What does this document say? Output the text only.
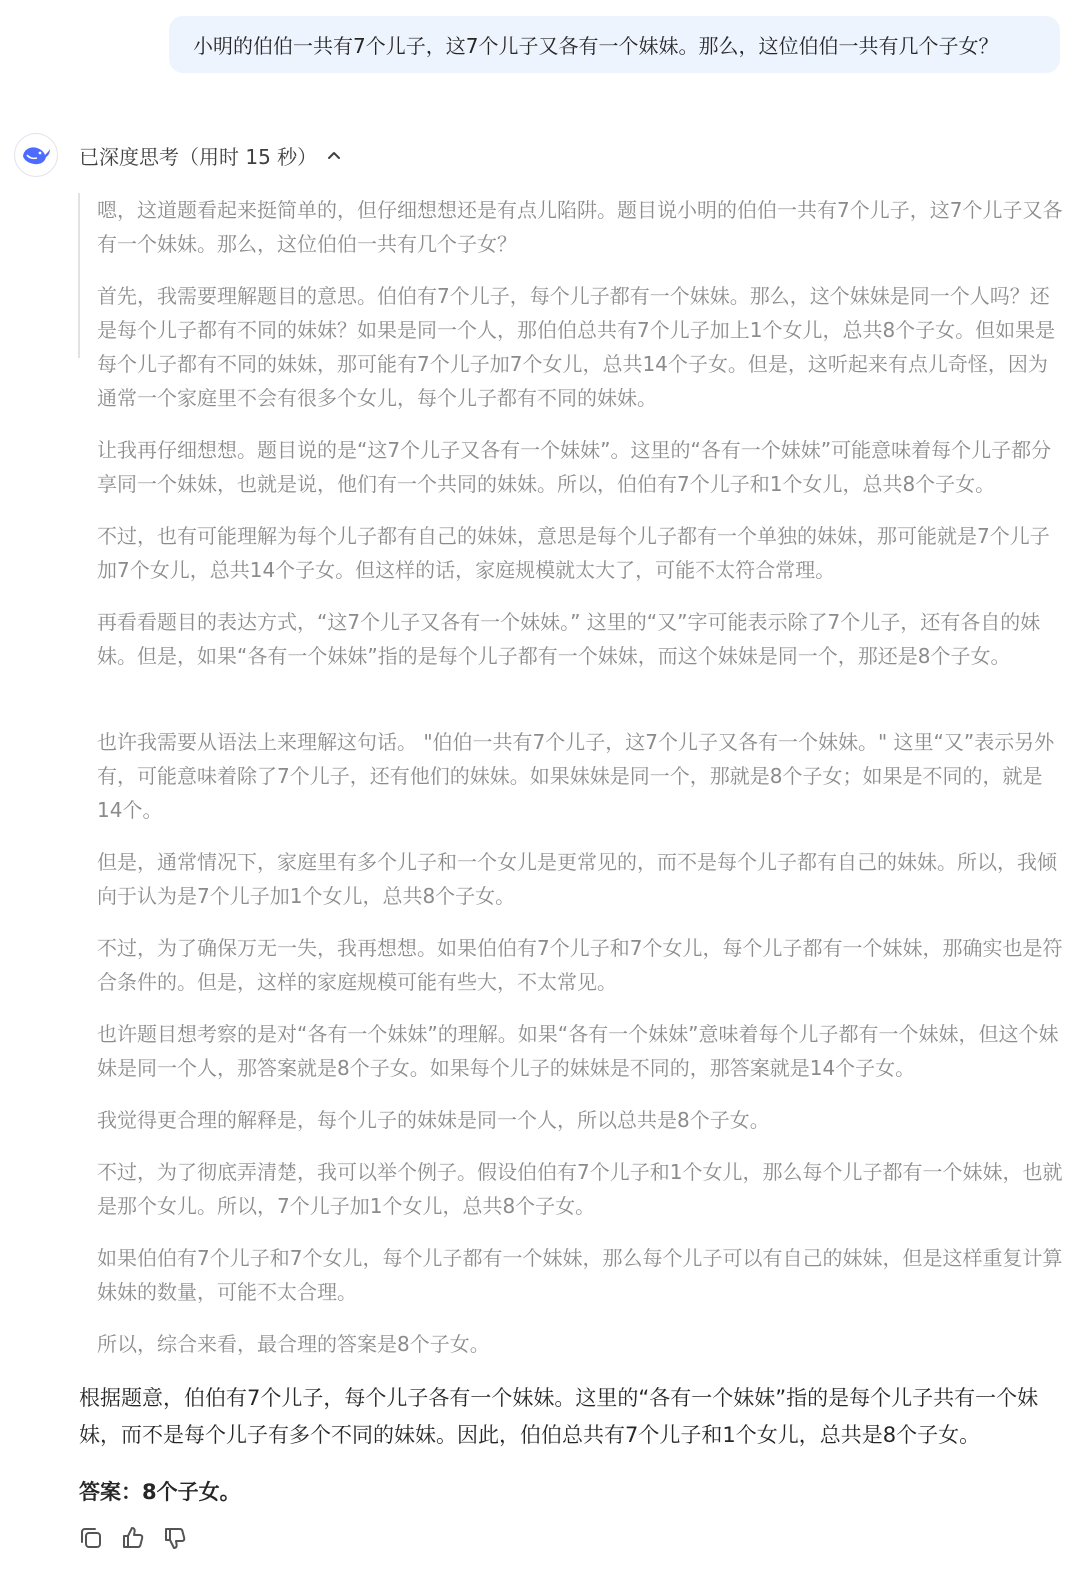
小明的伯伯一共有7个儿子，这7个儿子又各有一个妹妹。那么，这位伯伯一共有几个子女？
已深度思考（用时 15 秒）

嗯，这道题看起来挺简单的，但仔细想想还是有点儿陷阱。题目说小明的伯伯一共有7个儿子，这7个儿子又各有一个妹妹。那么，这位伯伯一共有几个子女？

首先，我需要理解题目的意思。伯伯有7个儿子，每个儿子都有一个妹妹。那么，这个妹妹是同一个人吗？还是每个儿子都有不同的妹妹？如果是同一个人，那伯伯总共有7个儿子加上1个女儿，总共8个子女。但如果是每个儿子都有不同的妹妹，那可能有7个儿子加7个女儿，总共14个子女。但是，这听起来有点儿奇怪，因为通常一个家庭里不会有很多个女儿，每个儿子都有不同的妹妹。

让我再仔细想想。题目说的是“这7个儿子又各有一个妹妹”。这里的“各有一个妹妹”可能意味着每个儿子都分享同一个妹妹，也就是说，他们有一个共同的妹妹。所以，伯伯有7个儿子和1个女儿，总共8个子女。

不过，也有可能理解为每个儿子都有自己的妹妹，意思是每个儿子都有一个单独的妹妹，那可能就是7个儿子加7个女儿，总共14个子女。但这样的话，家庭规模就太大了，可能不太符合常理。

再看看题目的表达方式，“这7个儿子又各有一个妹妹。” 这里的“又”字可能表示除了7个儿子，还有各自的妹妹。但是，如果“各有一个妹妹”指的是每个儿子都有一个妹妹，而这个妹妹是同一个，那还是8个子女。

也许我需要从语法上来理解这句话。 "伯伯一共有7个儿子，这7个儿子又各有一个妹妹。" 这里“又”表示另外有，可能意味着除了7个儿子，还有他们的妹妹。如果妹妹是同一个，那就是8个子女；如果是不同的，就是14个。

但是，通常情况下，家庭里有多个儿子和一个女儿是更常见的，而不是每个儿子都有自己的妹妹。所以，我倾向于认为是7个儿子加1个女儿，总共8个子女。

不过，为了确保万无一失，我再想想。如果伯伯有7个儿子和7个女儿，每个儿子都有一个妹妹，那确实也是符合条件的。但是，这样的家庭规模可能有些大，不太常见。

也许题目想考察的是对“各有一个妹妹”的理解。如果“各有一个妹妹”意味着每个儿子都有一个妹妹，但这个妹妹是同一个人，那答案就是8个子女。如果每个儿子的妹妹是不同的，那答案就是14个子女。

我觉得更合理的解释是，每个儿子的妹妹是同一个人，所以总共是8个子女。

不过，为了彻底弄清楚，我可以举个例子。假设伯伯有7个儿子和1个女儿，那么每个儿子都有一个妹妹，也就是那个女儿。所以，7个儿子加1个女儿，总共8个子女。

如果伯伯有7个儿子和7个女儿，每个儿子都有一个妹妹，那么每个儿子可以有自己的妹妹，但是这样重复计算妹妹的数量，可能不太合理。

所以，综合来看，最合理的答案是8个子女。

根据题意，伯伯有7个儿子，每个儿子各有一个妹妹。这里的“各有一个妹妹”指的是每个儿子共有一个妹妹，而不是每个儿子有多个不同的妹妹。因此，伯伯总共有7个儿子和1个女儿，总共是8个子女。

答案：8个子女。
